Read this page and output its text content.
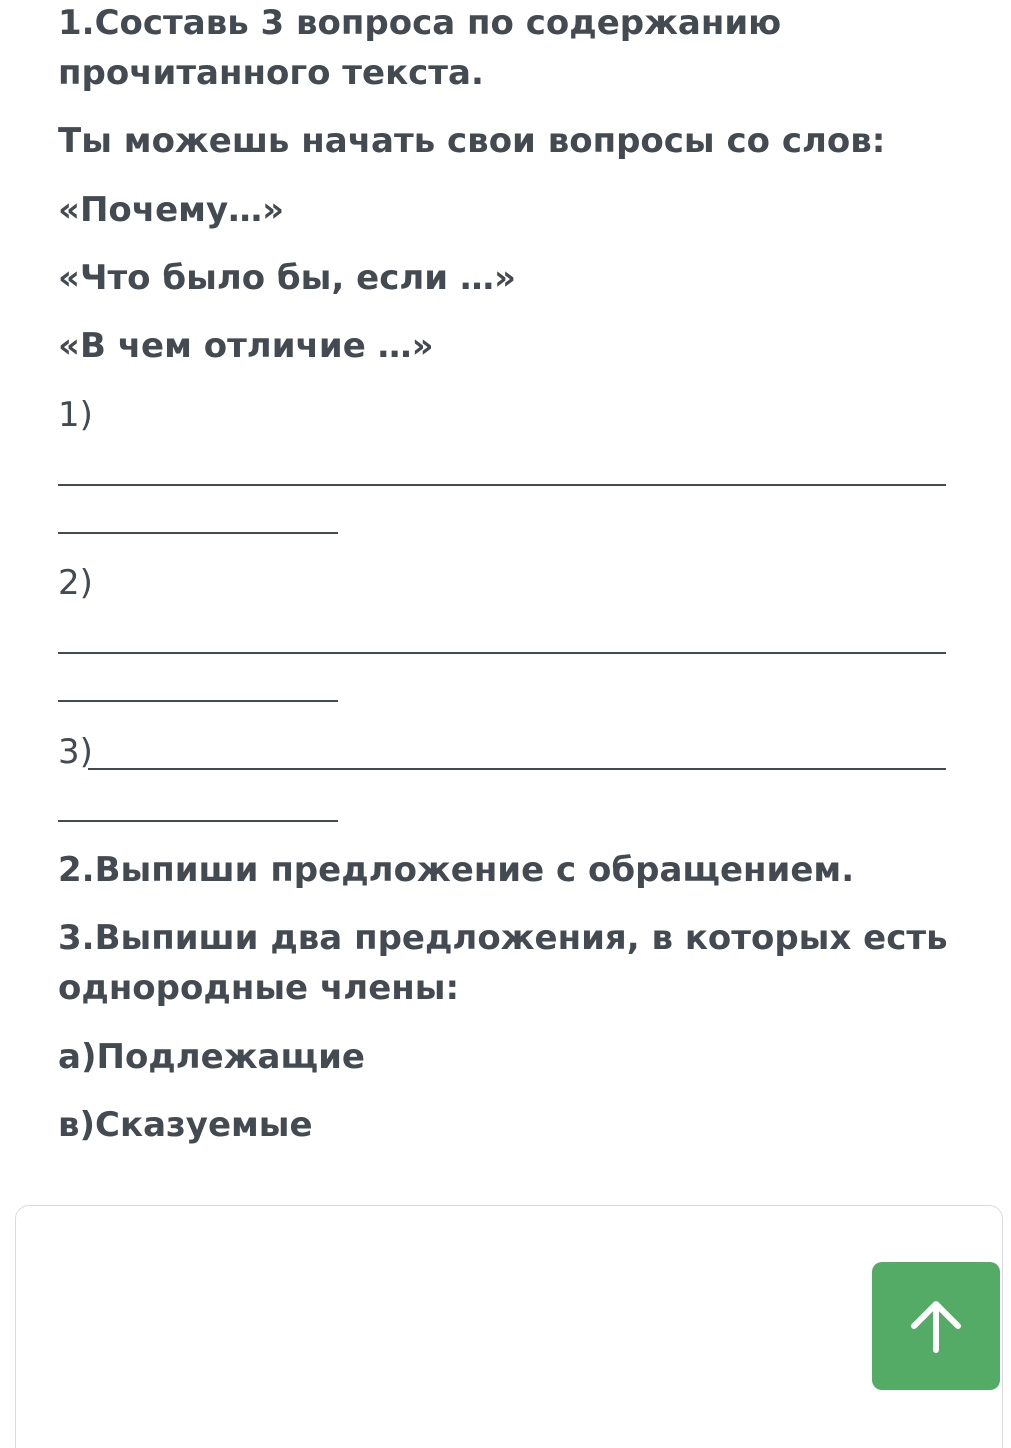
1.Составь 3 вопроса по содержанию
прочитанного текста.
Ты можешь начать свои вопросы со слов:
«Почему…»
«Что было бы, если …»
«В чем отличие …»
1)
2)
3)
2.Выпиши предложение с обращением.
3.Выпиши два предложения, в которых есть
однородные члены:
а)Подлежащие
в)Сказуемые
